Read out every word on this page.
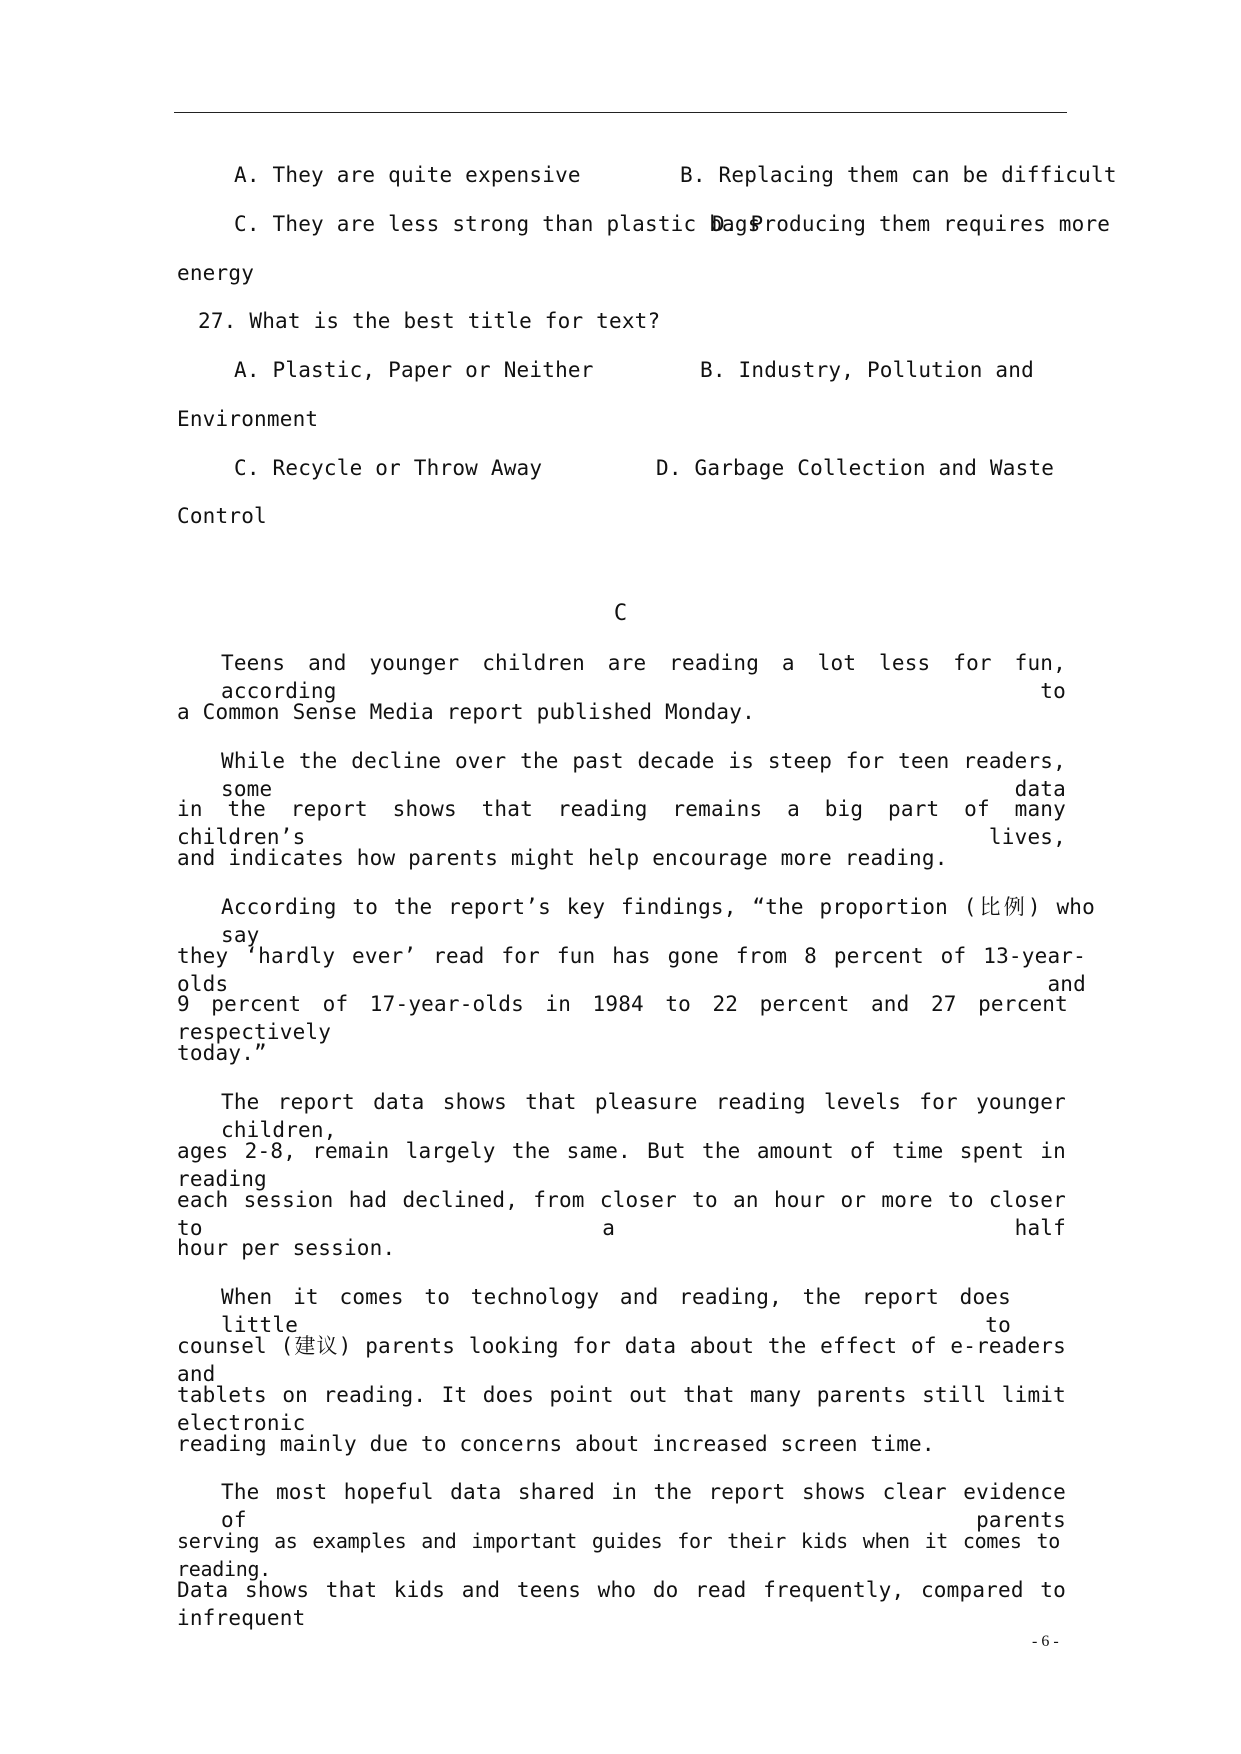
A. They are quite expensive	B. Replacing them can be difficult
C. They are less strong than plastic bags
D. Producing them requires more
energy
27. What is the best title for text?
A. Plastic, Paper or Neither	B. Industry, Pollution and
Environment
C. Recycle or Throw Away	D. Garbage Collection and Waste
Control
C
Teens and younger children are reading a lot less for fun, according to
a Common Sense Media report published Monday.
While the decline over the past decade is steep for teen readers, some data
in the report shows that reading remains a big part of many children’s lives,
and indicates how parents might help encourage more reading.
According to the report’s key findings, “the proportion (比例) who say
they ‘hardly ever’ read for fun has gone from 8 percent of 13-year-olds and
9 percent of 17-year-olds in 1984 to 22 percent and 27 percent respectively
today.”
The report data shows that pleasure reading levels for younger children,
ages 2-8, remain largely the same. But the amount of time spent in reading
each session had declined, from closer to an hour or more to closer to a half
hour per session.
When it comes to technology and reading, the report does little to
counsel (建议) parents looking for data about the effect of e-readers and
tablets on reading. It does point out that many parents still limit electronic
reading mainly due to concerns about increased screen time.
The most hopeful data shared in the report shows clear evidence of parents
serving as examples and important guides for their kids when it comes to reading.
Data shows that kids and teens who do read frequently, compared to infrequent
- 6 -
